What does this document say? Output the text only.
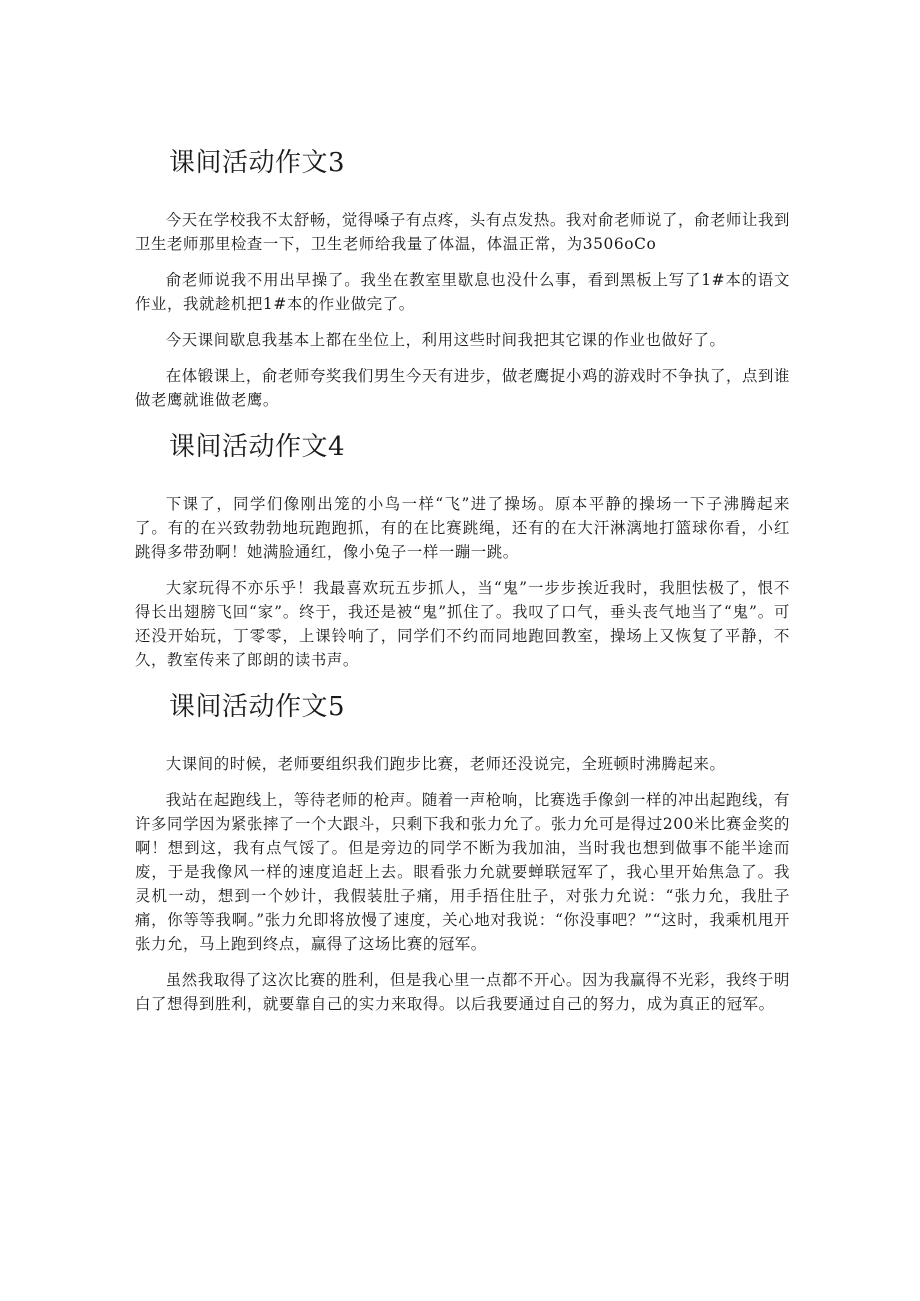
课间活动作文3

今天在学校我不太舒畅，觉得嗓子有点疼，头有点发热。我对俞老师说了，俞老师让我到卫生老师那里检查一下，卫生老师给我量了体温，体温正常，为3506oCo

俞老师说我不用出早操了。我坐在教室里歇息也没什么事，看到黑板上写了1#本的语文作业，我就趁机把1#本的作业做完了。

今天课间歇息我基本上都在坐位上，利用这些时间我把其它课的作业也做好了。

在体锻课上，俞老师夸奖我们男生今天有进步，做老鹰捉小鸡的游戏时不争执了，点到谁做老鹰就谁做老鹰。

课间活动作文4

下课了，同学们像刚出笼的小鸟一样“飞”进了操场。原本平静的操场一下子沸腾起来了。有的在兴致勃勃地玩跑跑抓，有的在比赛跳绳，还有的在大汗淋漓地打篮球你看，小红跳得多带劲啊！她满脸通红，像小兔子一样一蹦一跳。

大家玩得不亦乐乎！我最喜欢玩五步抓人，当“鬼”一步步挨近我时，我胆怯极了，恨不得长出翅膀飞回“家”。终于，我还是被“鬼”抓住了。我叹了口气，垂头丧气地当了“鬼”。可还没开始玩，丁零零，上课铃响了，同学们不约而同地跑回教室，操场上又恢复了平静，不久，教室传来了郎朗的读书声。

课间活动作文5

大课间的时候，老师要组织我们跑步比赛，老师还没说完，全班顿时沸腾起来。

我站在起跑线上，等待老师的枪声。随着一声枪响，比赛选手像剑一样的冲出起跑线，有许多同学因为紧张摔了一个大跟斗，只剩下我和张力允了。张力允可是得过200米比赛金奖的啊！想到这，我有点气馁了。但是旁边的同学不断为我加油，当时我也想到做事不能半途而废，于是我像风一样的速度追赶上去。眼看张力允就要蝉联冠军了，我心里开始焦急了。我灵机一动，想到一个妙计，我假装肚子痛，用手捂住肚子，对张力允说：“张力允，我肚子痛，你等等我啊。”张力允即将放慢了速度，关心地对我说：“你没事吧？”“这时，我乘机甩开张力允，马上跑到终点，赢得了这场比赛的冠军。

虽然我取得了这次比赛的胜利，但是我心里一点都不开心。因为我赢得不光彩，我终于明白了想得到胜利，就要靠自己的实力来取得。以后我要通过自己的努力，成为真正的冠军。
